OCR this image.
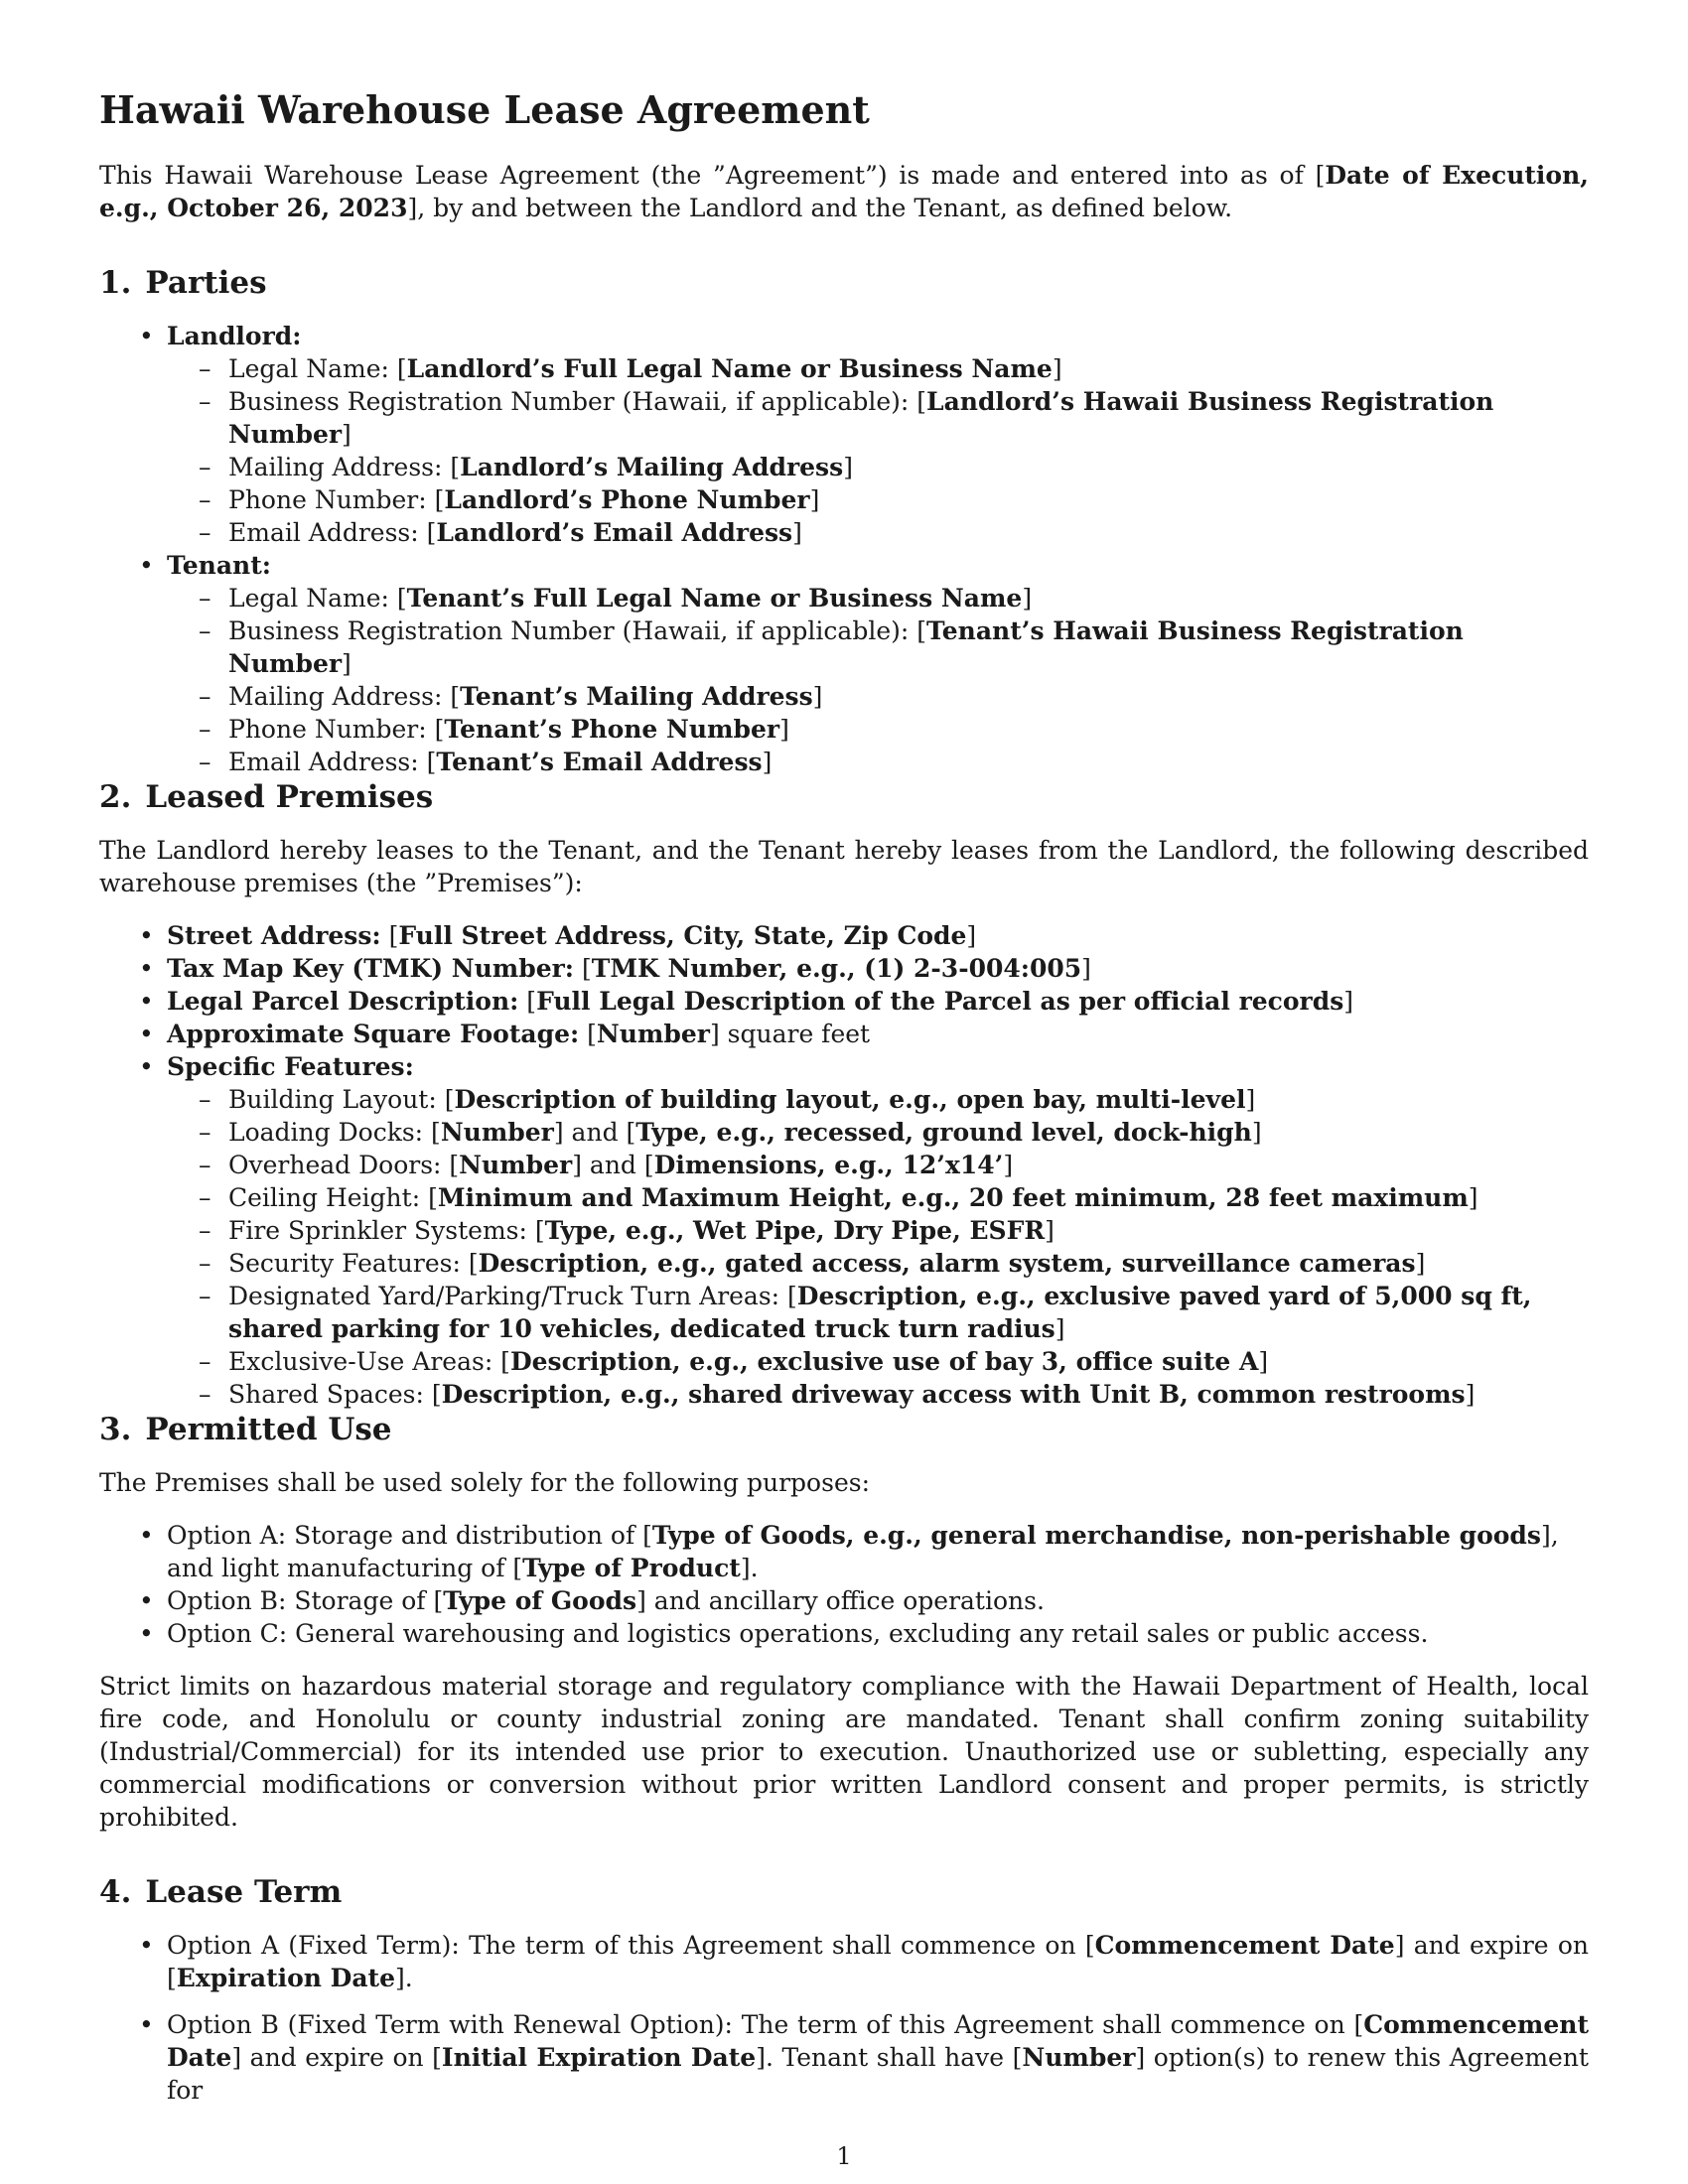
Hawaii Warehouse Lease Agreement

This Hawaii Warehouse Lease Agreement (the ”Agreement”) is made and entered into as of [Date of Execution, e.g., October 26, 2023], by and between the Landlord and the Tenant, as defined below.

1. Parties
• Landlord:
– Legal Name: [Landlord’s Full Legal Name or Business Name]
– Business Registration Number (Hawaii, if applicable): [Landlord’s Hawaii Business Registration Number]
– Mailing Address: [Landlord’s Mailing Address]
– Phone Number: [Landlord’s Phone Number]
– Email Address: [Landlord’s Email Address]
• Tenant:
– Legal Name: [Tenant’s Full Legal Name or Business Name]
– Business Registration Number (Hawaii, if applicable): [Tenant’s Hawaii Business Registration Number]
– Mailing Address: [Tenant’s Mailing Address]
– Phone Number: [Tenant’s Phone Number]
– Email Address: [Tenant’s Email Address]
2. Leased Premises

The Landlord hereby leases to the Tenant, and the Tenant hereby leases from the Landlord, the following described warehouse premises (the ”Premises”):

• Street Address: [Full Street Address, City, State, Zip Code]
• Tax Map Key (TMK) Number: [TMK Number, e.g., (1) 2-3-004:005]
• Legal Parcel Description: [Full Legal Description of the Parcel as per official records]
• Approximate Square Footage: [Number] square feet
• Specific Features:
– Building Layout: [Description of building layout, e.g., open bay, multi-level]
– Loading Docks: [Number] and [Type, e.g., recessed, ground level, dock-high]
– Overhead Doors: [Number] and [Dimensions, e.g., 12’x14’]
– Ceiling Height: [Minimum and Maximum Height, e.g., 20 feet minimum, 28 feet maximum]
– Fire Sprinkler Systems: [Type, e.g., Wet Pipe, Dry Pipe, ESFR]
– Security Features: [Description, e.g., gated access, alarm system, surveillance cameras]
– Designated Yard/Parking/Truck Turn Areas: [Description, e.g., exclusive paved yard of 5,000 sq ft, shared parking for 10 vehicles, dedicated truck turn radius]
– Exclusive-Use Areas: [Description, e.g., exclusive use of bay 3, office suite A]
– Shared Spaces: [Description, e.g., shared driveway access with Unit B, common restrooms]
3. Permitted Use

The Premises shall be used solely for the following purposes:

• Option A: Storage and distribution of [Type of Goods, e.g., general merchandise, non-perishable goods], and light manufacturing of [Type of Product].
• Option B: Storage of [Type of Goods] and ancillary office operations.
• Option C: General warehousing and logistics operations, excluding any retail sales or public access.

Strict limits on hazardous material storage and regulatory compliance with the Hawaii Department of Health, local fire code, and Honolulu or county industrial zoning are mandated. Tenant shall confirm zoning suitability (Industrial/Commercial) for its intended use prior to execution. Unauthorized use or subletting, especially any commercial modifications or conversion without prior written Landlord consent and proper permits, is strictly prohibited.

4. Lease Term
• Option A (Fixed Term): The term of this Agreement shall commence on [Commencement Date] and expire on [Expiration Date].
• Option B (Fixed Term with Renewal Option): The term of this Agreement shall commence on [Commencement Date] and expire on [Initial Expiration Date]. Tenant shall have [Number] option(s) to renew this Agreement for
1
